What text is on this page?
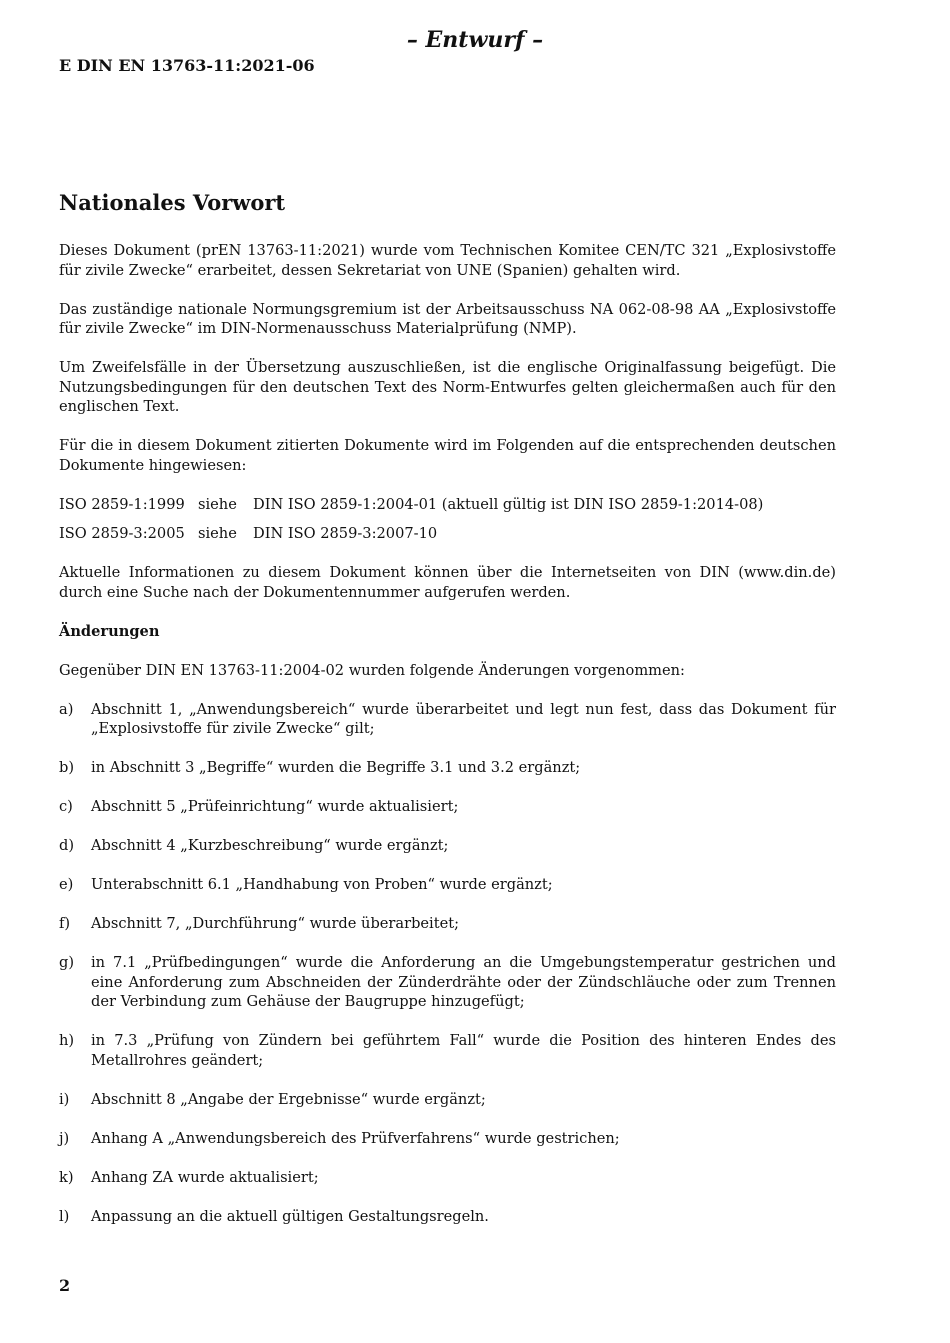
– Entwurf –
E DIN EN 13763-11:2021-06
Nationales Vorwort

Dieses Dokument (prEN 13763-11:2021) wurde vom Technischen Komitee CEN/TC 321 „Explosivstoffe für zivile Zwecke“ erarbeitet, dessen Sekretariat von UNE (Spanien) gehalten wird.

Das zuständige nationale Normungsgremium ist der Arbeitsausschuss NA 062-08-98 AA „Explosivstoffe für zivile Zwecke“ im DIN-Normenausschuss Materialprüfung (NMP).

Um Zweifelsfälle in der Übersetzung auszuschließen, ist die englische Originalfassung beigefügt. Die Nutzungsbedingungen für den deutschen Text des Norm-Entwurfes gelten gleichermaßen auch für den englischen Text.

Für die in diesem Dokument zitierten Dokumente wird im Folgenden auf die entsprechenden deutschen Dokumente hingewiesen:

ISO 2859-1:1999 siehe	DIN ISO 2859-1:2004-01 (aktuell gültig ist DIN ISO 2859-1:2014-08)
ISO 2859-3:2005 siehe	DIN ISO 2859-3:2007-10

Aktuelle Informationen zu diesem Dokument können über die Internetseiten von DIN (www.din.de) durch eine Suche nach der Dokumentennummer aufgerufen werden.

Änderungen

Gegenüber DIN EN 13763-11:2004-02 wurden folgende Änderungen vorgenommen:

a)	Abschnitt 1, „Anwendungsbereich“ wurde überarbeitet und legt nun fest, dass das Dokument für „Explosivstoffe für zivile Zwecke“ gilt;
b)	in Abschnitt 3 „Begriffe“ wurden die Begriffe 3.1 und 3.2 ergänzt;
c)	Abschnitt 5 „Prüfeinrichtung“ wurde aktualisiert;
d)	Abschnitt 4 „Kurzbeschreibung“ wurde ergänzt;
e)	Unterabschnitt 6.1 „Handhabung von Proben“ wurde ergänzt;
f)	Abschnitt 7, „Durchführung“ wurde überarbeitet;
g)	in 7.1 „Prüfbedingungen“ wurde die Anforderung an die Umgebungstemperatur gestrichen und eine Anforderung zum Abschneiden der Zünderdrähte oder der Zündschläuche oder zum Trennen der Verbindung zum Gehäuse der Baugruppe hinzugefügt;
h)	in 7.3 „Prüfung von Zündern bei geführtem Fall“ wurde die Position des hinteren Endes des Metallrohres geändert;
i)	Abschnitt 8 „Angabe der Ergebnisse“ wurde ergänzt;
j)	Anhang A „Anwendungsbereich des Prüfverfahrens“ wurde gestrichen;
k)	Anhang ZA wurde aktualisiert;
l)	Anpassung an die aktuell gültigen Gestaltungsregeln.
2
